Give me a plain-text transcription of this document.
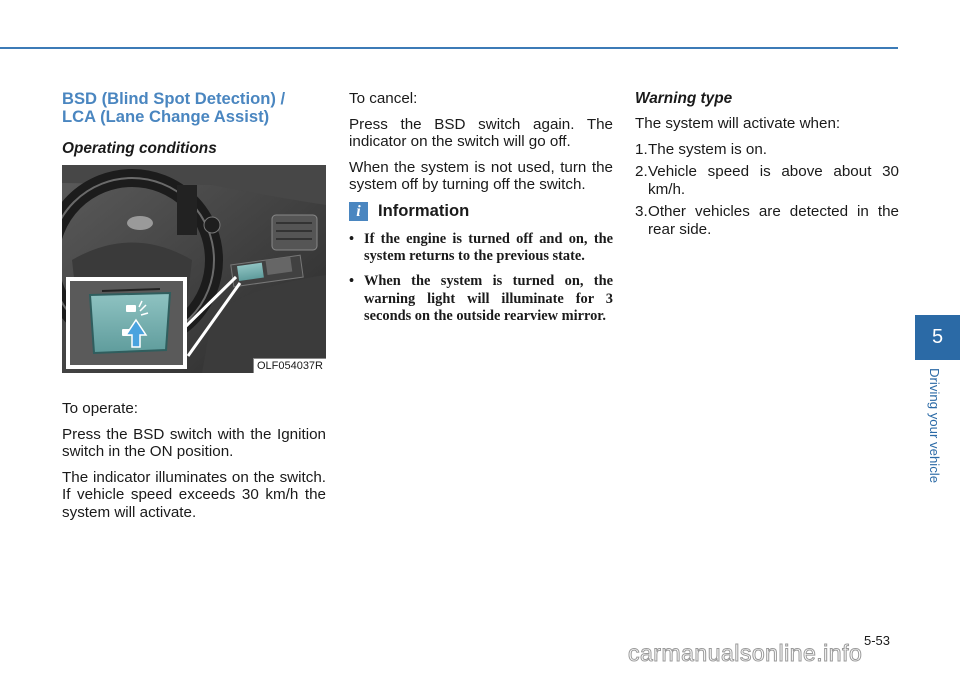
BSD (Blind Spot Detection) /
LCA (Lane Change Assist)
Operating conditions
OLF054037R

To operate:

Press the BSD switch with the Ignition switch in the ON position.

The indicator illuminates on the switch. If vehicle speed exceeds 30 km/h the system will activate.

To cancel:

Press the BSD switch again. The indicator on the switch will go off.

When the system is not used, turn the system off by turning off the switch.

i	Information
• If the engine is turned off and on, the system returns to the previous state.
• When the system is turned on, the warning light will illuminate for 3 seconds on the outside rearview mirror.
Warning type

The system will activate when:

1. The system is on.
2. Vehicle speed is above about 30 km/h.
3. Other vehicles are detected in the rear side.
5
Driving your vehicle
5-53
carmanualsonline.info
